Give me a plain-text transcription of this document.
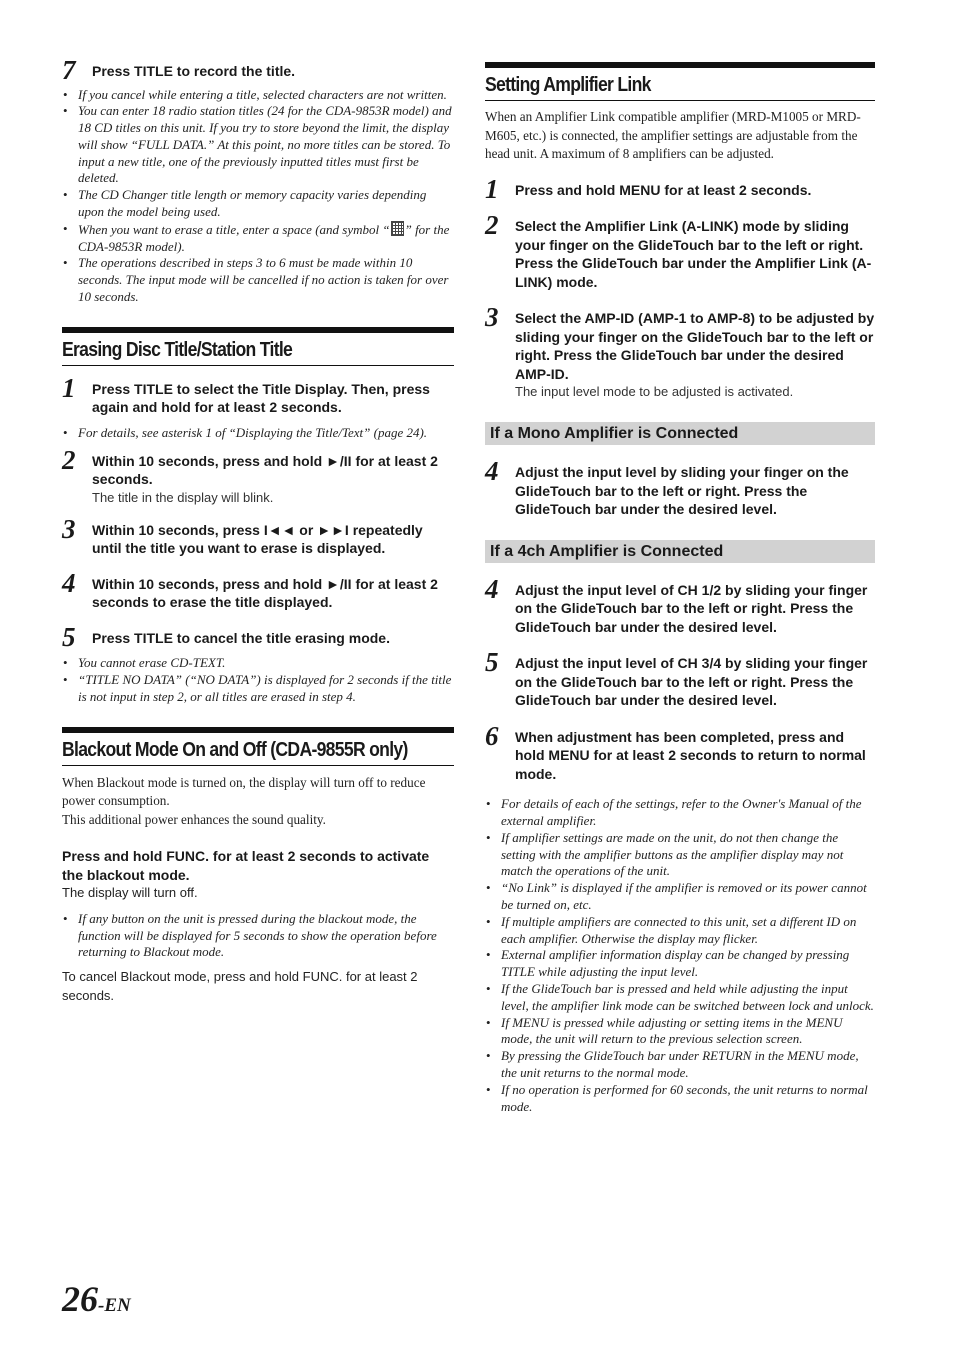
7 Press TITLE to record the title.
• If you cancel while entering a title, selected characters are not written.
• You can enter 18 radio station titles (24 for the CDA-9853R model) and 18 CD titles on this unit. If you try to store beyond the limit, the display will show “FULL DATA.” At this point, no more titles can be stored. To input a new title, one of the previously inputted titles must first be deleted.
• The CD Changer title length or memory capacity varies depending upon the model being used.
• When you want to erase a title, enter a space (and symbol “ ” for the CDA-9853R model).
• The operations described in steps 3 to 6 must be made within 10 seconds. The input mode will be cancelled if no action is taken for over 10 seconds.
Erasing Disc Title/Station Title
1 Press TITLE to select the Title Display. Then, press again and hold for at least 2 seconds.
• For details, see asterisk 1 of “Displaying the Title/Text” (page 24).
2 Within 10 seconds, press and hold ►/II for at least 2 seconds.
The title in the display will blink.
3 Within 10 seconds, press I◄◄ or ►►I repeatedly until the title you want to erase is displayed.
4 Within 10 seconds, press and hold ►/II for at least 2 seconds to erase the title displayed.
5 Press TITLE to cancel the title erasing mode.
• You cannot erase CD-TEXT.
• “TITLE NO DATA” (“NO DATA”) is displayed for 2 seconds if the title is not input in step 2, or all titles are erased in step 4.
Blackout Mode On and Off (CDA-9855R only)
When Blackout mode is turned on, the display will turn off to reduce power consumption.
This additional power enhances the sound quality.
Press and hold FUNC. for at least 2 seconds to activate the blackout mode.
The display will turn off.
• If any button on the unit is pressed during the blackout mode, the function will be displayed for 5 seconds to show the operation before returning to Blackout mode.
To cancel Blackout mode, press and hold FUNC. for at least 2 seconds.
Setting Amplifier Link
When an Amplifier Link compatible amplifier (MRD-M1005 or MRD-M605, etc.) is connected, the amplifier settings are adjustable from the head unit. A maximum of 8 amplifiers can be adjusted.
1 Press and hold MENU for at least 2 seconds.
2 Select the Amplifier Link (A-LINK) mode by sliding your finger on the GlideTouch bar to the left or right. Press the GlideTouch bar under the Amplifier Link (A-LINK) mode.
3 Select the AMP-ID (AMP-1 to AMP-8) to be adjusted by sliding your finger on the GlideTouch bar to the left or right. Press the GlideTouch bar under the desired AMP-ID.
The input level mode to be adjusted is activated.
If a Mono Amplifier is Connected
4 Adjust the input level by sliding your finger on the GlideTouch bar to the left or right. Press the GlideTouch bar under the desired level.
If a 4ch Amplifier is Connected
4 Adjust the input level of CH 1/2 by sliding your finger on the GlideTouch bar to the left or right. Press the GlideTouch bar under the desired level.
5 Adjust the input level of CH 3/4 by sliding your finger on the GlideTouch bar to the left or right. Press the GlideTouch bar under the desired level.
6 When adjustment has been completed, press and hold MENU for at least 2 seconds to return to normal mode.
• For details of each of the settings, refer to the Owner's Manual of the external amplifier.
• If amplifier settings are made on the unit, do not then change the setting with the amplifier buttons as the amplifier display may not match the operations of the unit.
• “No Link” is displayed if the amplifier is removed or its power cannot be turned on, etc.
• If multiple amplifiers are connected to this unit, set a different ID on each amplifier. Otherwise the display may flicker.
• External amplifier information display can be changed by pressing TITLE while adjusting the input level.
• If the GlideTouch bar is pressed and held while adjusting the input level, the amplifier link mode can be switched between lock and unlock.
• If MENU is pressed while adjusting or setting items in the MENU mode, the unit will return to the previous selection screen.
• By pressing the GlideTouch bar under RETURN in the MENU mode, the unit returns to the normal mode.
• If no operation is performed for 60 seconds, the unit returns to normal mode.
26-EN
